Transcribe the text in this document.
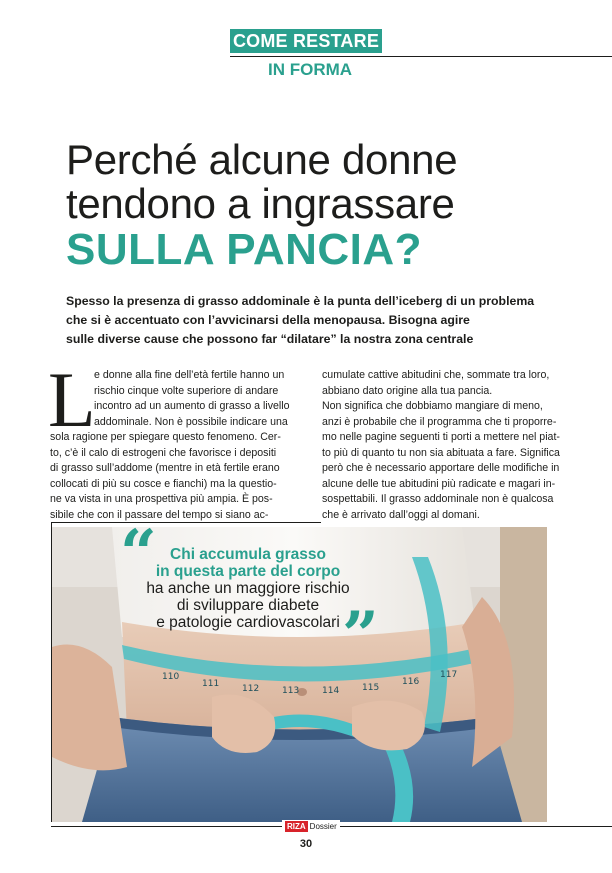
COME RESTARE
IN FORMA
Perché alcune donne
tendono a ingrassare
SULLA PANCIA?
Spesso la presenza di grasso addominale è la punta dell’iceberg di un problema
che si è accentuato con l’avvicinarsi della menopausa. Bisogna agire
sulle diverse cause che possono far “dilatare” la nostra zona centrale
L
e donne alla fine dell’età fertile hanno un
rischio cinque volte superiore di andare
incontro ad un aumento di grasso a livello
addominale. Non è possibile indicare una
sola ragione per spiegare questo fenomeno. Cer-
to, c’è il calo di estrogeni che favorisce i depositi
di grasso sull’addome (mentre in età fertile erano
collocati di più su cosce e fianchi) ma la questio-
ne va vista in una prospettiva più ampia. È pos-
sibile che con il passare del tempo si siano ac-
cumulate cattive abitudini che, sommate tra loro,
abbiano dato origine alla tua pancia.
Non significa che dobbiamo mangiare di meno,
anzi è probabile che il programma che ti proporre-
mo nelle pagine seguenti ti porti a mettere nel piat-
to più di quanto tu non sia abituata a fare. Significa
però che è necessario apportare delle modifiche in
alcune delle tue abitudini più radicate e magari in-
sospettabili. Il grasso addominale non è qualcosa
che è arrivato dall’oggi al domani.
110
111	112	113	114	115
116
117
“ Chi accumula grasso
in questa parte del corpo
ha anche un maggiore rischio
di sviluppare diabete
e patologie cardiovascolari ”
RIZA Dossier
30
